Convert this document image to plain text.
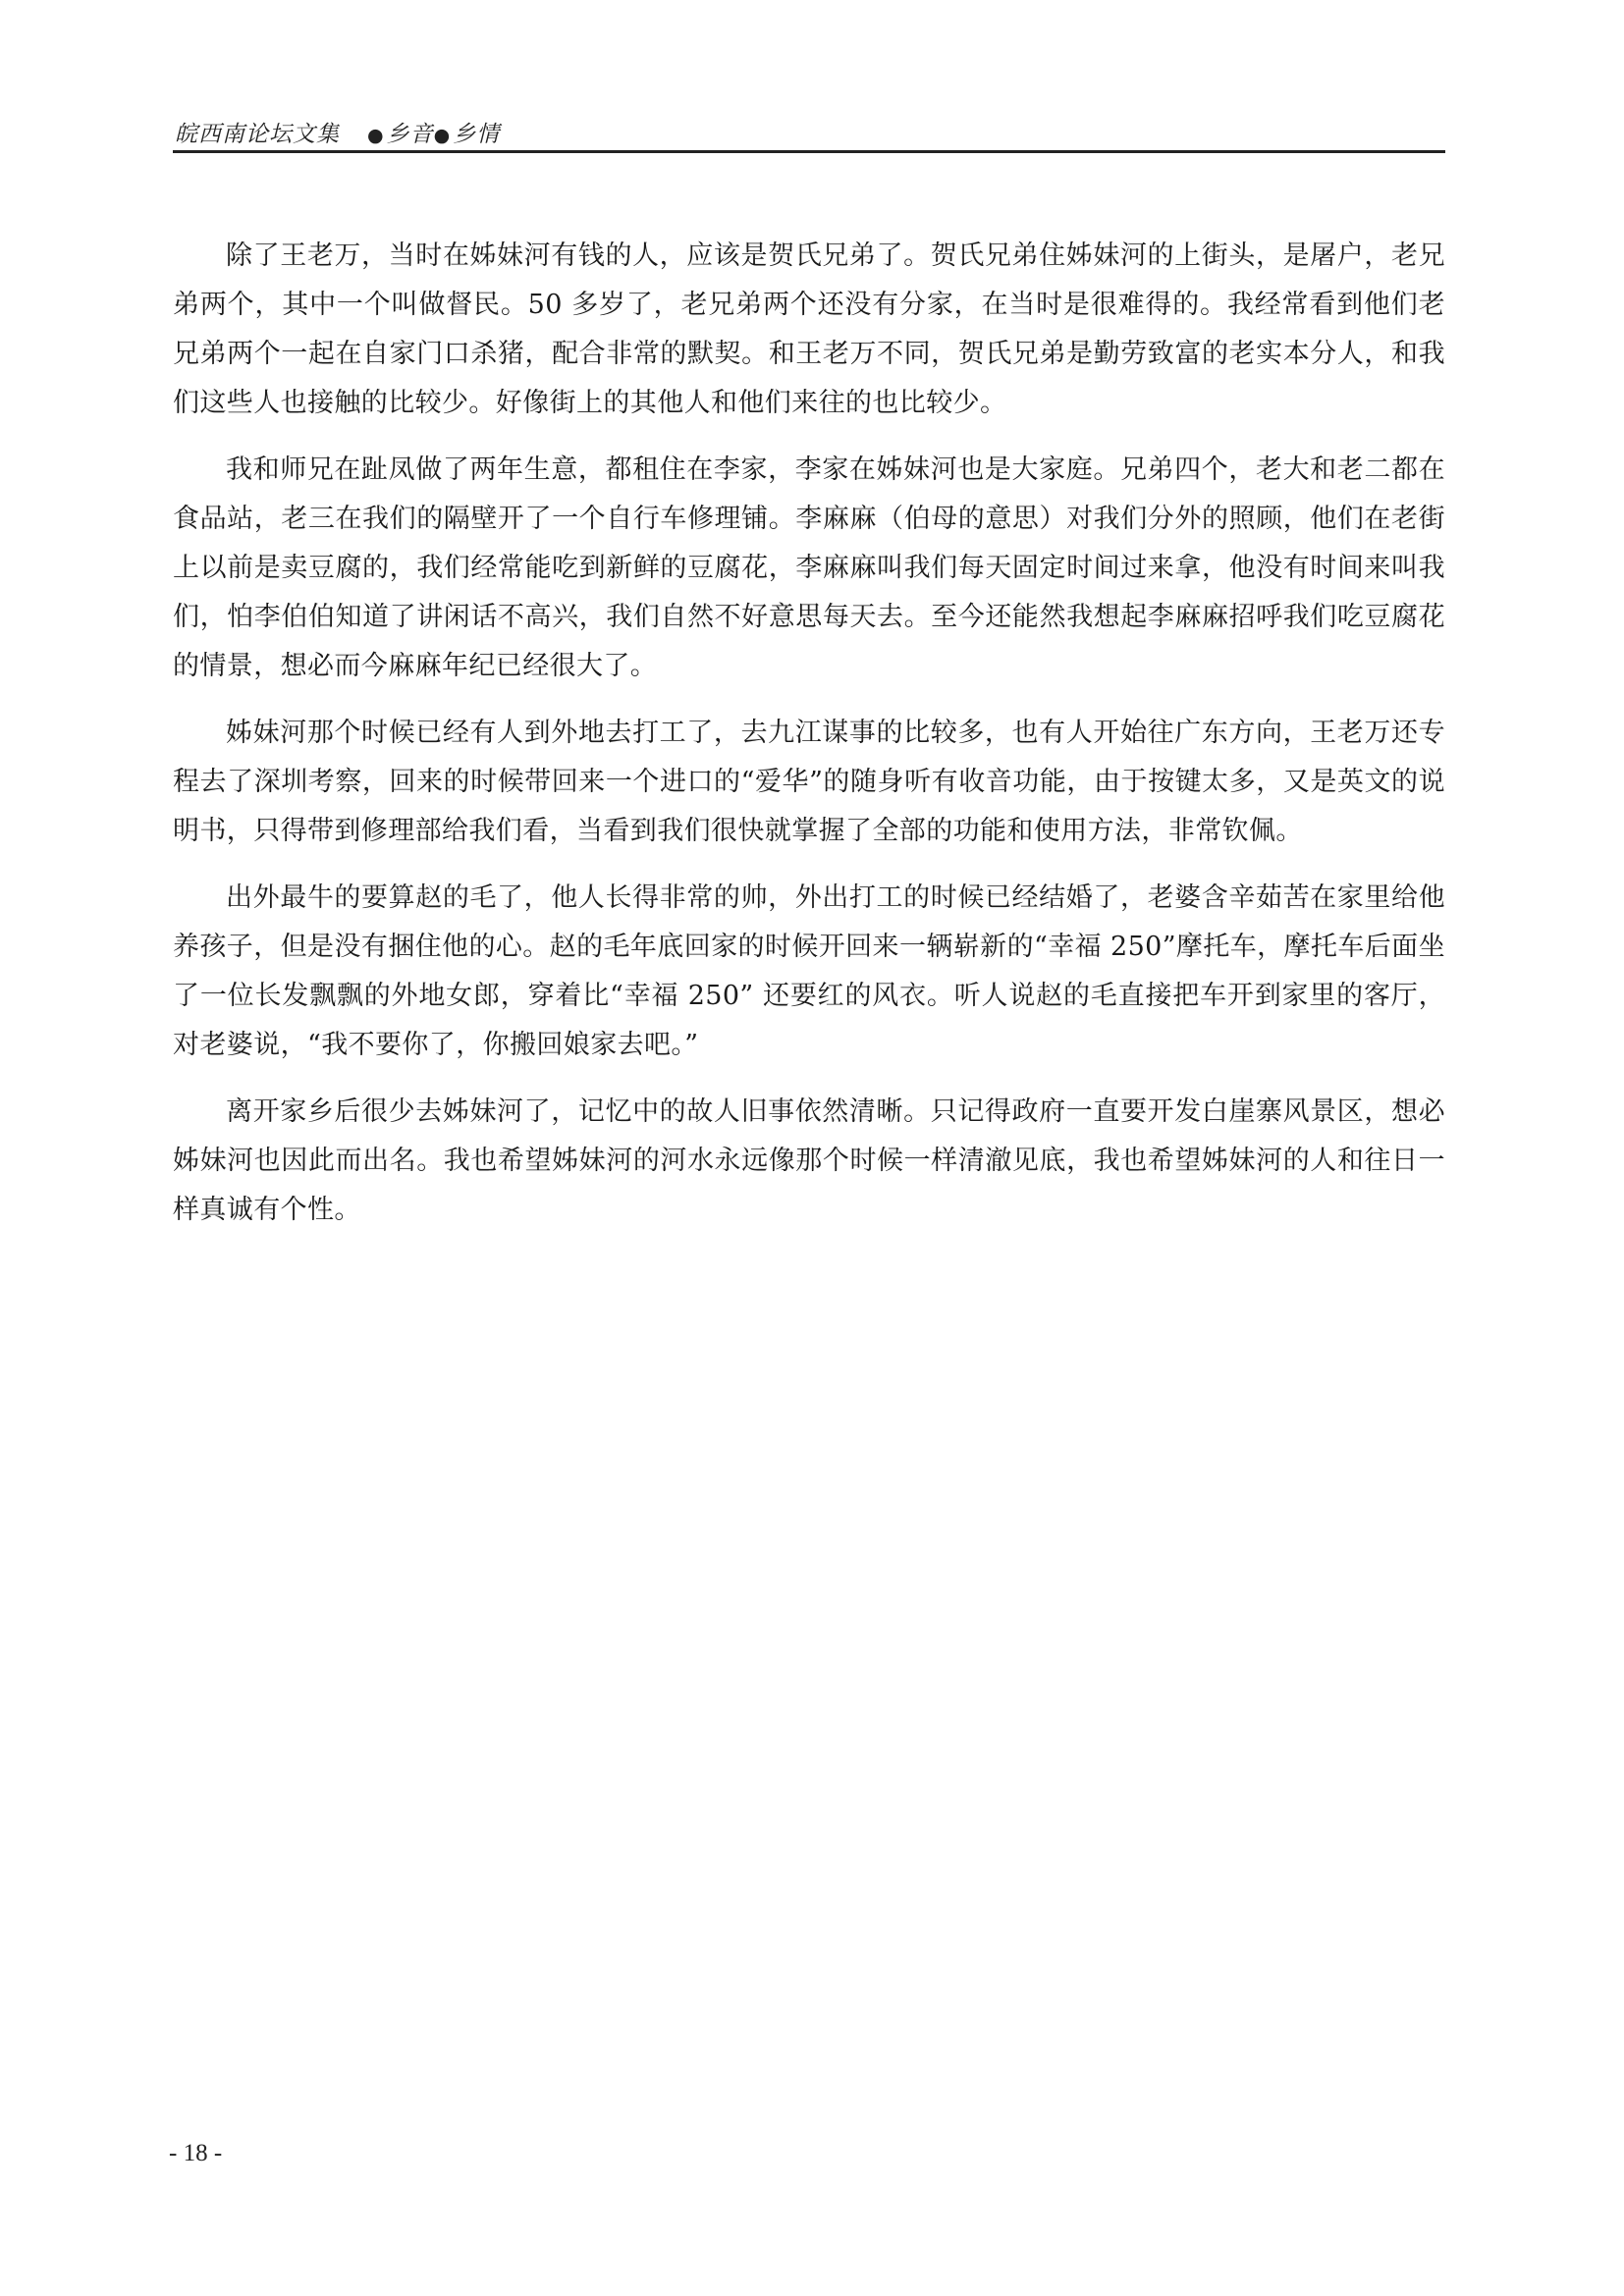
皖西南论坛文集 ●乡音●乡情

除了王老万，当时在姊妹河有钱的人，应该是贺氏兄弟了。贺氏兄弟住姊妹河的上街头，是屠户，老兄弟两个，其中一个叫做督民。50 多岁了，老兄弟两个还没有分家，在当时是很难得的。我经常看到他们老兄弟两个一起在自家门口杀猪，配合非常的默契。和王老万不同，贺氏兄弟是勤劳致富的老实本分人，和我们这些人也接触的比较少。好像街上的其他人和他们来往的也比较少。

我和师兄在趾凤做了两年生意，都租住在李家，李家在姊妹河也是大家庭。兄弟四个，老大和老二都在食品站，老三在我们的隔壁开了一个自行车修理铺。李麻麻（伯母的意思）对我们分外的照顾，他们在老街上以前是卖豆腐的，我们经常能吃到新鲜的豆腐花，李麻麻叫我们每天固定时间过来拿，他没有时间来叫我们，怕李伯伯知道了讲闲话不高兴，我们自然不好意思每天去。至今还能然我想起李麻麻招呼我们吃豆腐花的情景，想必而今麻麻年纪已经很大了。

姊妹河那个时候已经有人到外地去打工了，去九江谋事的比较多，也有人开始往广东方向，王老万还专程去了深圳考察，回来的时候带回来一个进口的“爱华”的随身听有收音功能，由于按键太多，又是英文的说明书，只得带到修理部给我们看，当看到我们很快就掌握了全部的功能和使用方法，非常钦佩。

出外最牛的要算赵的毛了，他人长得非常的帅，外出打工的时候已经结婚了，老婆含辛茹苦在家里给他养孩子，但是没有捆住他的心。赵的毛年底回家的时候开回来一辆崭新的“幸福 250”摩托车，摩托车后面坐了一位长发飘飘的外地女郎，穿着比“幸福 250” 还要红的风衣。听人说赵的毛直接把车开到家里的客厅，对老婆说，“我不要你了，你搬回娘家去吧。”

离开家乡后很少去姊妹河了，记忆中的故人旧事依然清晰。只记得政府一直要开发白崖寨风景区，想必姊妹河也因此而出名。我也希望姊妹河的河水永远像那个时候一样清澈见底，我也希望姊妹河的人和往日一样真诚有个性。

- 18 -
